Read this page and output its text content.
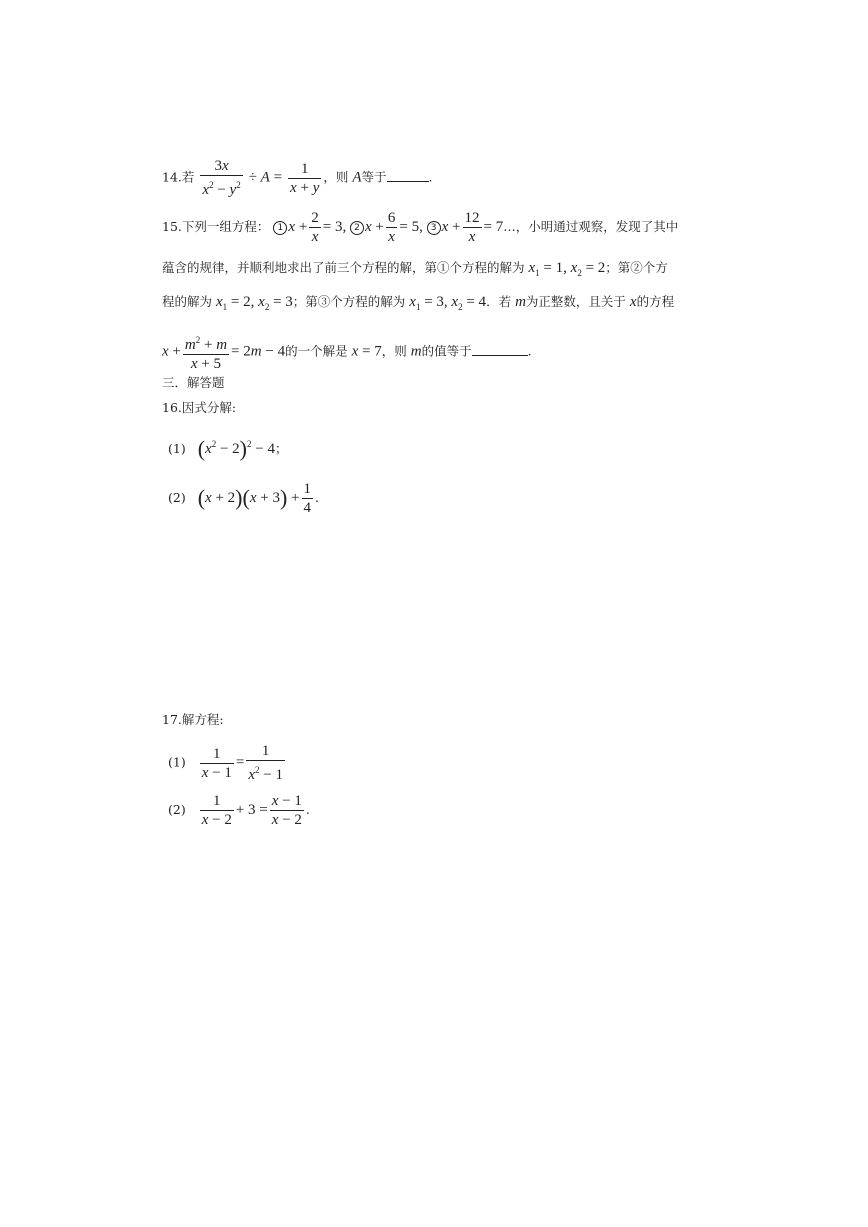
14.若 $\frac{3x}{x^2 - y^2} \div A = \frac{1}{x + y}$ ，则 A等于	.
15.下列一组方程： 1 $x + \frac{2}{x} = 3$, 2 $x + \frac{6}{x} = 5$, 3 $x + \frac{12}{x}$ = 7…，小明通过观察，发现了其中
蕴含的规律，并顺利地求出了前三个方程的解，第①个方程的解为 $x_1 = 1$, $x_2 = 2$；第②个方
程的解为 $x_1 = 2$, $x_2 = 3$；第③个方程的解为 $x_1 = 3$, $x_2 = 4$．若 m为正整数，且关于 x的方程
$x + \frac{m^2 + m}{x + 5} = 2m - 4$的一个解是 x = 7，则 m的值等于	.
三．解答题
16.因式分解:
(1) $(x^2 - 2)^2 - 4$；
(2) $(x + 2)(x + 3) + \frac{1}{4}$ .
17.解方程:
$(1) \frac{1}{x - 1} = \frac{1}{x^2 - 1}$
$(2) \frac{1}{x - 2} + 3 = \frac{x - 1}{x - 2}$ .
